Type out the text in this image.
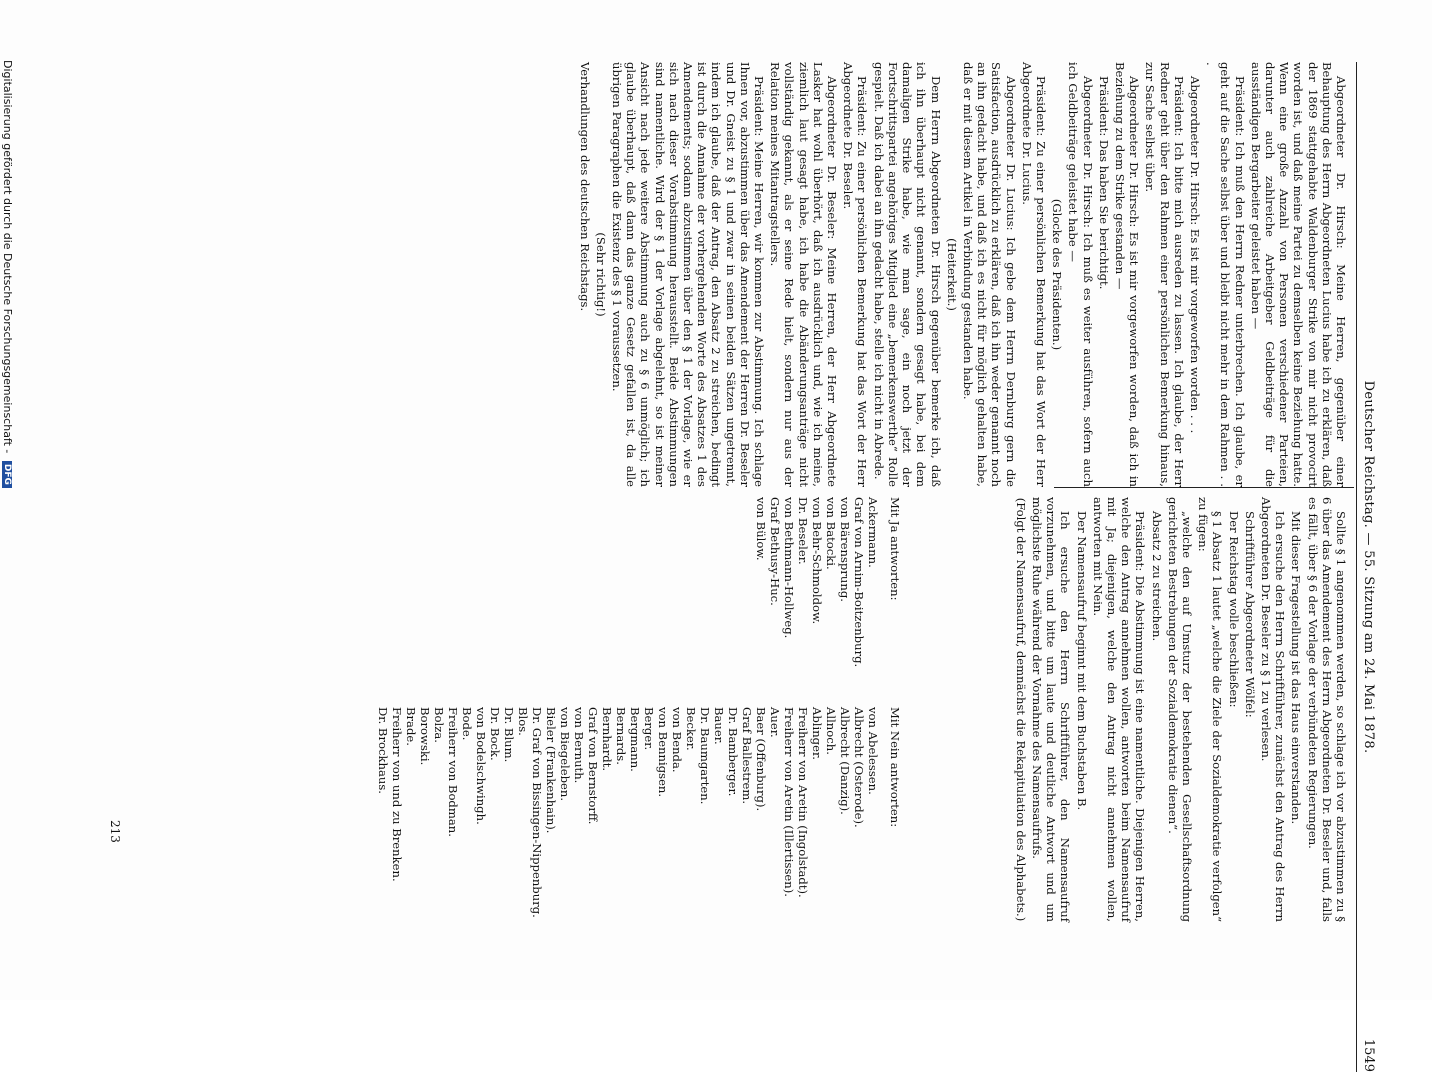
Deutscher Reichstag. — 55. Sitzung am 24. Mai 1878.
1549

Abgeordneter Dr. Hirsch: Meine Herren, gegenüber einer Behauptung des Herrn Abgeordneten Lucius habe ich zu erklären, daß der 1869 stattgehabte Waldenburger Strike von mir nicht provocirt worden ist, und daß meine Partei zu demselben keine Beziehung hatte. Wenn eine große Anzahl von Personen verschiedener Parteien, darunter auch zahlreiche Arbeitgeber Geldbeiträge für die ausständigen Bergarbeiter geleistet haben —

Präsident: Ich muß den Herrn Redner unterbrechen. Ich glaube, er geht auf die Sache selbst über und bleibt nicht mehr in dem Rahmen . . .

Abgeordneter Dr. Hirsch: Es ist mir vorgeworfen worden . . .

Präsident: Ich bitte mich ausreden zu lassen. Ich glaube, der Herr Redner geht über den Rahmen einer persönlichen Bemerkung hinaus, zur Sache selbst über.

Abgeordneter Dr. Hirsch: Es ist mir vorgeworfen worden, daß ich in Beziehung zu dem Strike gestanden —

Präsident: Das haben Sie berichtigt.

Abgeordneter Dr. Hirsch: Ich muß es weiter ausführen, sofern auch ich Geldbeiträge geleistet habe —

(Glocke des Präsidenten.)

Präsident: Zu einer persönlichen Bemerkung hat das Wort der Herr Abgeordnete Dr. Lucius.

Abgeordneter Dr. Lucius: Ich gebe dem Herrn Dernburg gern die Satisfaction, ausdrücklich zu erklären, daß ich ihn weder genannt noch an ihn gedacht habe, und daß ich es nicht für möglich gehalten habe, daß er mit diesem Artikel in Verbindung gestanden habe.

(Heiterkeit.)

Dem Herrn Abgeordneten Dr. Hirsch gegenüber bemerke ich, daß ich ihn überhaupt nicht genannt, sondern gesagt habe, bei dem damaligen Strike habe, wie man sage, ein noch jetzt der Fortschrittspartei angehöriges Mitglied eine „bemerkenswerthe“ Rolle gespielt. Daß ich dabei an ihn gedacht habe, stelle ich nicht in Abrede.

Präsident: Zu einer persönlichen Bemerkung hat das Wort der Herr Abgeordnete Dr. Beseler.

Abgeordneter Dr. Beseler: Meine Herren, der Herr Abgeordnete Lasker hat wohl überhört, daß ich ausdrücklich und, wie ich meine, ziemlich laut gesagt habe, ich habe die Abänderungsanträge nicht vollständig gekannt, als er seine Rede hielt, sondern nur aus der Relation meines Mitantragstellers.

Präsident: Meine Herren, wir kommen zur Abstimmung. Ich schlage Ihnen vor, abzustimmen über das Amendement der Herren Dr. Beseler und Dr. Gneist zu § 1 und zwar in seinen beiden Sätzen ungetrennt, indem ich glaube, daß der Antrag, den Absatz 2 zu streichen, bedingt ist durch die Annahme der vorhergehenden Worte des Absatzes 1 des Amendements; sodann abzustimmen über den § 1 der Vorlage, wie er sich nach dieser Vorabstimmung herausstellt. Beide Abstimmungen sind namentliche. Wird der § 1 der Vorlage abgelehnt, so ist meiner Ansicht nach jede weitere Abstimmung auch zu § 6 unmöglich; ich glaube überhaupt, daß dann das ganze Gesetz gefallen ist, da alle übrigen Paragraphen die Existenz des § 1 voraussetzen.

(Sehr richtig!)

Verhandlungen des deutschen Reichstags.

Sollte § 1 angenommen werden, so schlage ich vor abzustimmen zu § 6 über das Amendement des Herrn Abgeordneten Dr. Beseler und, falls es fällt, über § 6 der Vorlage der verbündeten Regierungen.

Mit dieser Fragestellung ist das Haus einverstanden.

Ich ersuche den Herrn Schriftführer, zunächst den Antrag des Herrn Abgeordneten Dr. Beseler zu § 1 zu verlesen.

Schriftführer Abgeordneter Wölfel:

Der Reichstag wolle beschließen:

§ 1 Absatz 1 lautet „welche die Ziele der Sozialdemokratie verfolgen“ zu fügen:

„welche den auf Umsturz der bestehenden Gesellschaftsordnung gerichteten Bestrebungen der Sozialdemokratie dienen“.

Absatz 2 zu streichen.

Präsident: Die Abstimmung ist eine namentliche. Diejenigen Herren, welche den Antrag annehmen wollen, antworten beim Namensaufruf mit Ja; diejenigen, welche den Antrag nicht annehmen wollen, antworten mit Nein.

Der Namensaufruf beginnt mit dem Buchstaben B.

Ich ersuche den Herrn Schriftführer, den Namensaufruf vorzunehmen, und bitte um laute und deutliche Antwort und um möglichste Ruhe während der Vornahme des Namensaufrufs.

(Folgt der Namensaufruf, demnächst die Rekapitulation des Alphabets.)

Mit Ja antworten:
Mit Nein antworten:
Ackermann.
Graf von Arnim-Boitzenburg.
von Bärensprung.
von Batocki.
von Behr-Schmoldow.
Dr. Beseler.
von Bethmann-Hollweg.
Graf Bethusy-Huc.
von Bülow.
von Abelessen.
Albrecht (Osterode).
Albrecht (Danzig).
Allnoch.
Ablinger.
Freiherr von Aretin (Ingolstadt).
Freiherr von Aretin (Illertissen).
Auer.
Baer (Offenburg).
Graf Ballestrem.
Dr. Bamberger.
Bauer.
Dr. Baumgarten.
Becker.
von Benda.
von Bennigsen.
Berger.
Bergmann.
Bernards.
Bernhardt.
Graf von Bernstorff.
von Bernuth.
von Biegeleben.
Bieler (Frankenhain).
Dr. Graf von Bissingen-Nippenburg.
Blos.
Dr. Blum.
Dr. Bock.
von Bodelschwingh.
Bode.
Freiherr von Bodman.
Bolza.
Borowski.
Brade.
Freiherr von und zu Brenken.
Dr. Brockhaus.
213
Digitalisierung gefördert durch die Deutsche Forschungsgemeinschaft - DFG
